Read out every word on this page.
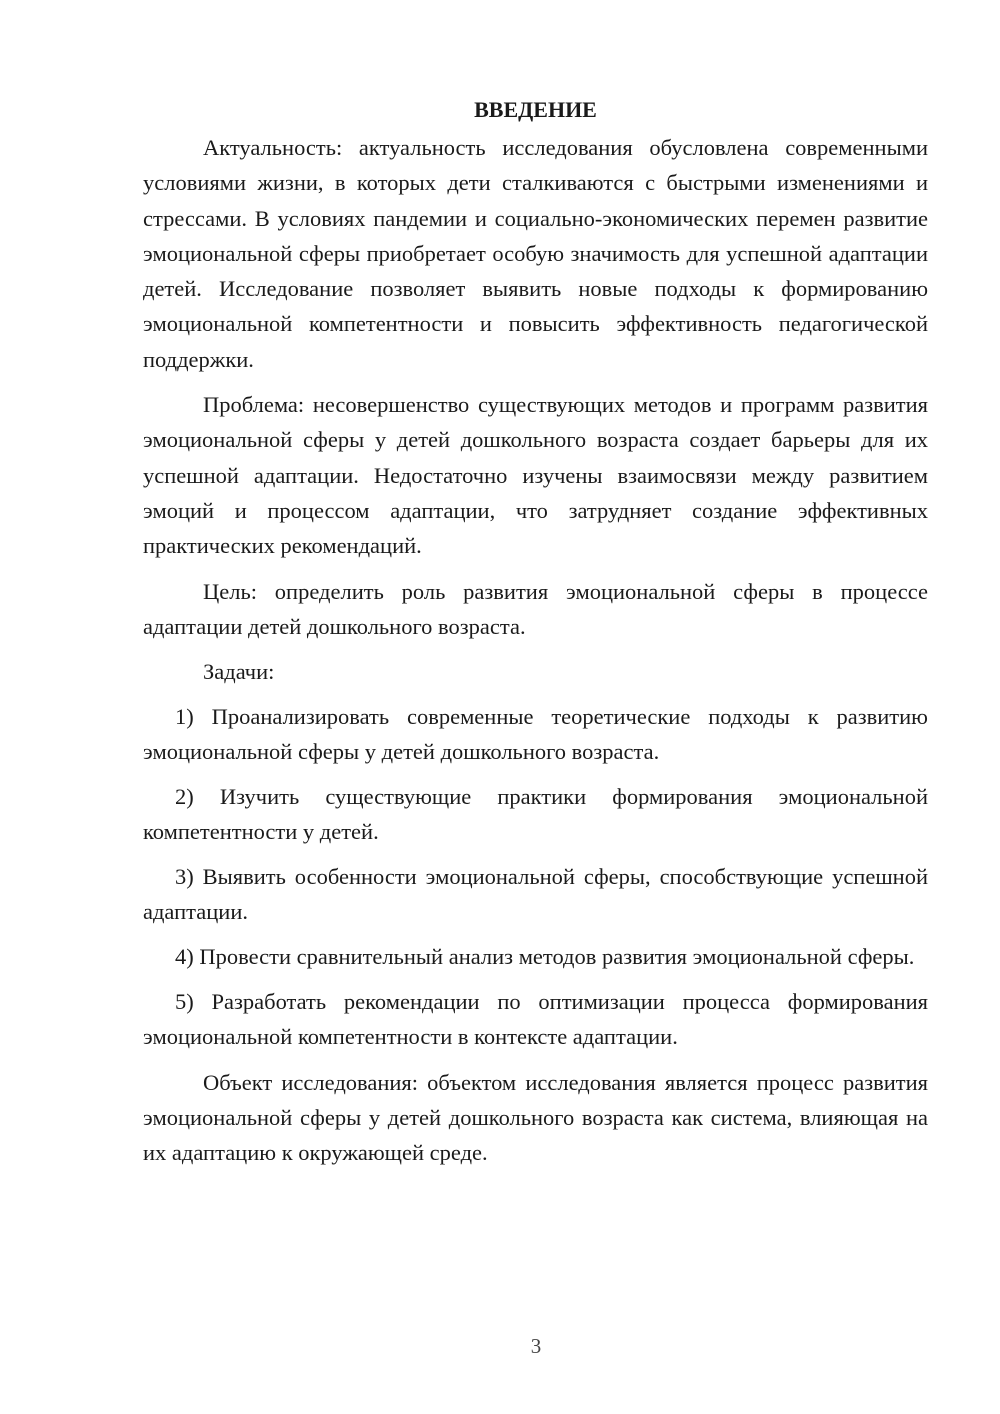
ВВЕДЕНИЕ

Актуальность: актуальность исследования обусловлена современными условиями жизни, в которых дети сталкиваются с быстрыми изменениями и стрессами. В условиях пандемии и социально-экономических перемен развитие эмоциональной сферы приобретает особую значимость для успешной адаптации детей. Исследование позволяет выявить новые подходы к формированию эмоциональной компетентности и повысить эффективность педагогической поддержки.

Проблема: несовершенство существующих методов и программ развития эмоциональной сферы у детей дошкольного возраста создает барьеры для их успешной адаптации. Недостаточно изучены взаимосвязи между развитием эмоций и процессом адаптации, что затрудняет создание эффективных практических рекомендаций.

Цель: определить роль развития эмоциональной сферы в процессе адаптации детей дошкольного возраста.

Задачи:

1) Проанализировать современные теоретические подходы к развитию эмоциональной сферы у детей дошкольного возраста.

2) Изучить существующие практики формирования эмоциональной компетентности у детей.

3) Выявить особенности эмоциональной сферы, способствующие успешной адаптации.

4) Провести сравнительный анализ методов развития эмоциональной сферы.

5) Разработать рекомендации по оптимизации процесса формирования эмоциональной компетентности в контексте адаптации.

Объект исследования: объектом исследования является процесс развития эмоциональной сферы у детей дошкольного возраста как система, влияющая на их адаптацию к окружающей среде.

3
